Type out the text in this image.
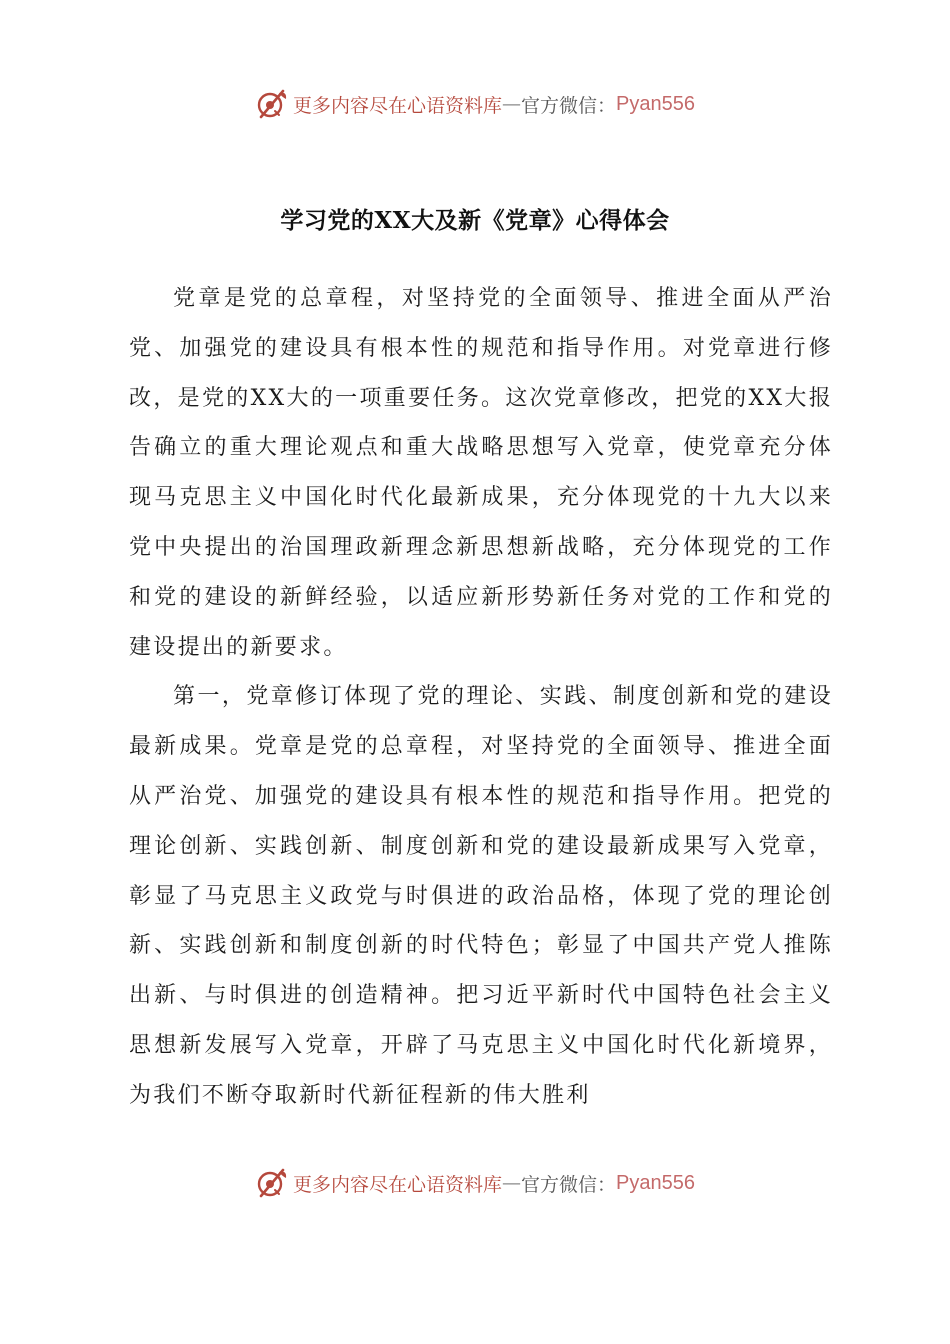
更多内容尽在心语资料库 — 官方微信： Pyan556
学习党的XX大及新《党章》心得体会

党章是党的总章程，对坚持党的全面领导、推进全面从严治党、加强党的建设具有根本性的规范和指导作用。对党章进行修改，是党的XX大的一项重要任务。这次党章修改，把党的XX大报告确立的重大理论观点和重大战略思想写入党章，使党章充分体现马克思主义中国化时代化最新成果，充分体现党的十九大以来党中央提出的治国理政新理念新思想新战略，充分体现党的工作和党的建设的新鲜经验，以适应新形势新任务对党的工作和党的建设提出的新要求。

第一，党章修订体现了党的理论、实践、制度创新和党的建设最新成果。党章是党的总章程，对坚持党的全面领导、推进全面从严治党、加强党的建设具有根本性的规范和指导作用。把党的理论创新、实践创新、制度创新和党的建设最新成果写入党章，彰显了马克思主义政党与时俱进的政治品格，体现了党的理论创新、实践创新和制度创新的时代特色；彰显了中国共产党人推陈出新、与时俱进的创造精神。把习近平新时代中国特色社会主义思想新发展写入党章，开辟了马克思主义中国化时代化新境界，为我们不断夺取新时代新征程新的伟大胜利

更多内容尽在心语资料库 — 官方微信： Pyan556
